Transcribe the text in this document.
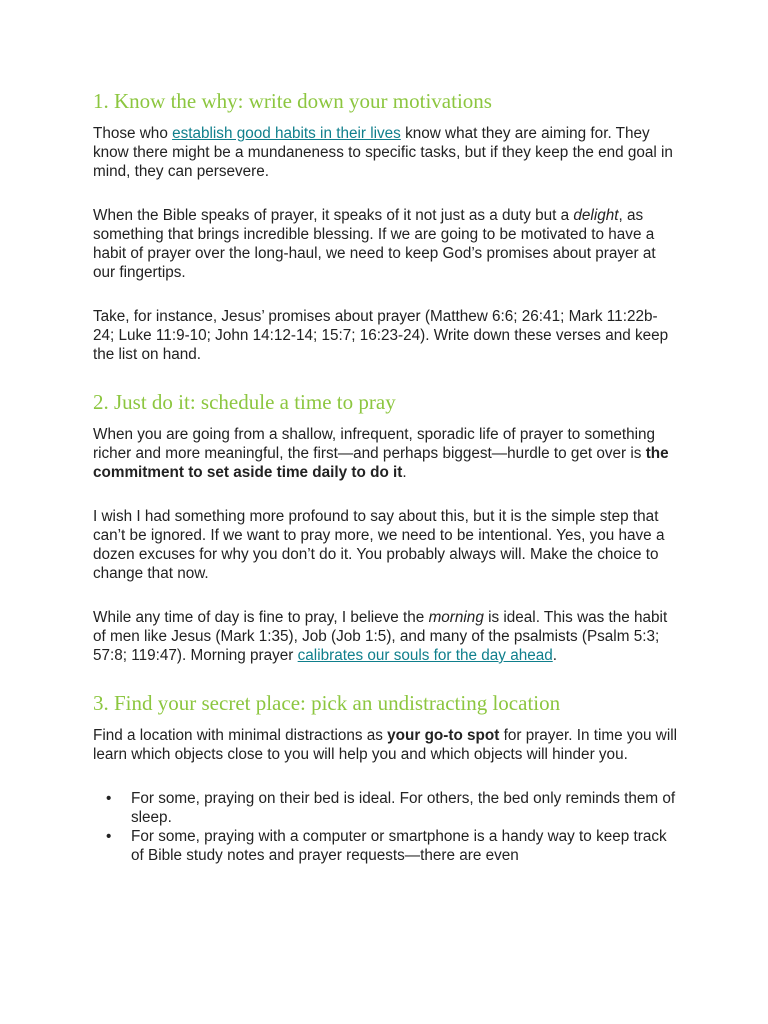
1. Know the why: write down your motivations

Those who establish good habits in their lives know what they are aiming for. They know there might be a mundaneness to specific tasks, but if they keep the end goal in mind, they can persevere.

When the Bible speaks of prayer, it speaks of it not just as a duty but a delight, as something that brings incredible blessing. If we are going to be motivated to have a habit of prayer over the long-haul, we need to keep God’s promises about prayer at our fingertips.

Take, for instance, Jesus’ promises about prayer (Matthew 6:6; 26:41; Mark 11:22b-24; Luke 11:9-10; John 14:12-14; 15:7; 16:23-24). Write down these verses and keep the list on hand.

2. Just do it: schedule a time to pray

When you are going from a shallow, infrequent, sporadic life of prayer to something richer and more meaningful, the first—and perhaps biggest—hurdle to get over is the commitment to set aside time daily to do it.

I wish I had something more profound to say about this, but it is the simple step that can’t be ignored. If we want to pray more, we need to be intentional. Yes, you have a dozen excuses for why you don’t do it. You probably always will. Make the choice to change that now.

While any time of day is fine to pray, I believe the morning is ideal. This was the habit of men like Jesus (Mark 1:35), Job (Job 1:5), and many of the psalmists (Psalm 5:3; 57:8; 119:47). Morning prayer calibrates our souls for the day ahead.

3. Find your secret place: pick an undistracting location

Find a location with minimal distractions as your go-to spot for prayer. In time you will learn which objects close to you will help you and which objects will hinder you.

• For some, praying on their bed is ideal. For others, the bed only reminds them of sleep.
• For some, praying with a computer or smartphone is a handy way to keep track of Bible study notes and prayer requests—there are even
